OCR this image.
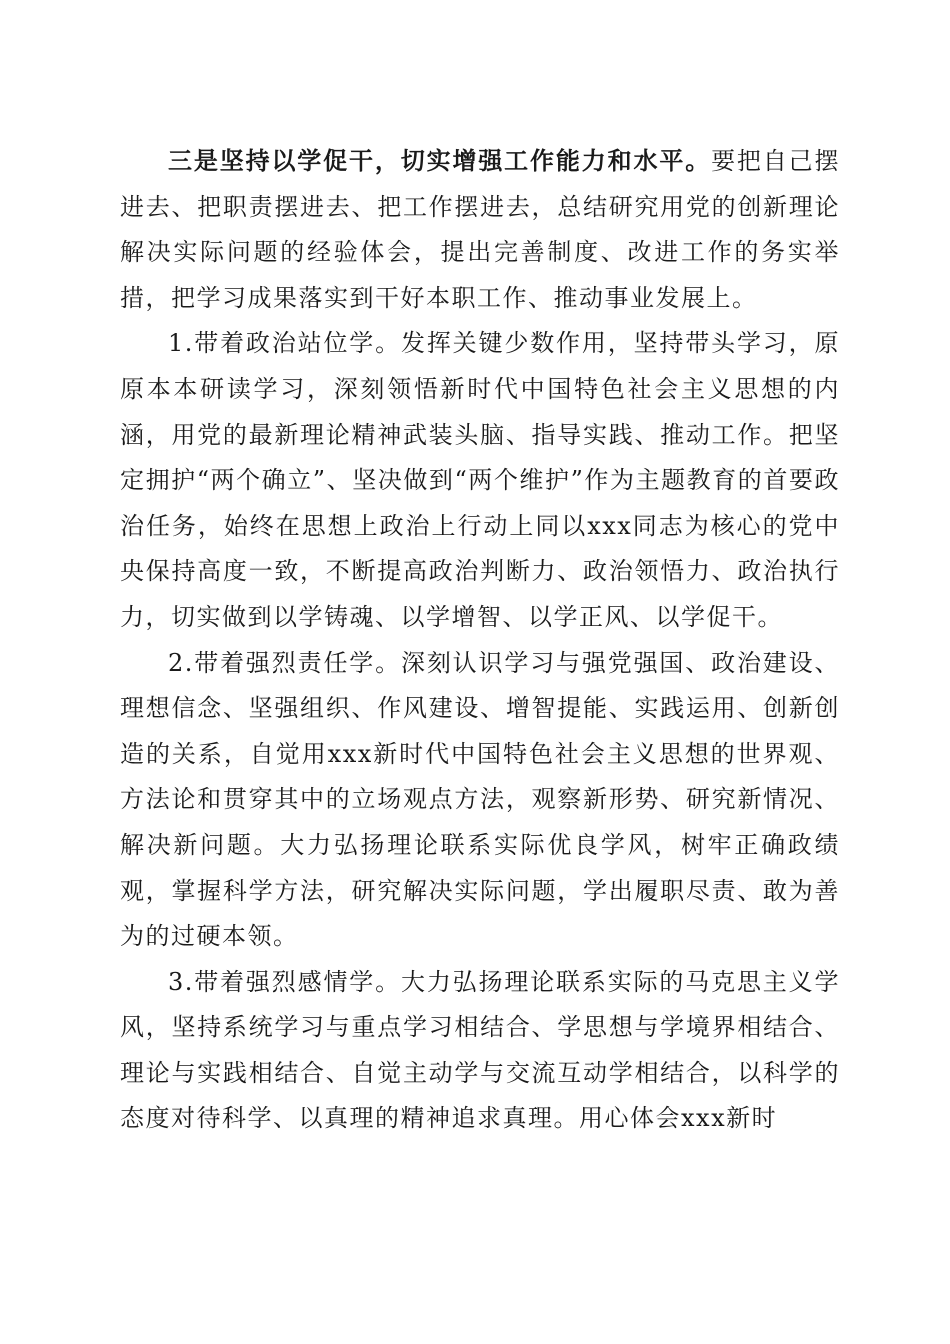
三是坚持以学促干，切实增强工作能力和水平。要把自己摆进去、把职责摆进去、把工作摆进去，总结研究用党的创新理论解决实际问题的经验体会，提出完善制度、改进工作的务实举措，把学习成果落实到干好本职工作、推动事业发展上。

1.带着政治站位学。发挥关键少数作用，坚持带头学习，原原本本研读学习，深刻领悟新时代中国特色社会主义思想的内涵，用党的最新理论精神武装头脑、指导实践、推动工作。把坚定拥护“两个确立”、坚决做到“两个维护”作为主题教育的首要政治任务，始终在思想上政治上行动上同以xxx同志为核心的党中央保持高度一致，不断提高政治判断力、政治领悟力、政治执行力，切实做到以学铸魂、以学增智、以学正风、以学促干。

2.带着强烈责任学。深刻认识学习与强党强国、政治建设、理想信念、坚强组织、作风建设、增智提能、实践运用、创新创造的关系，自觉用xxx新时代中国特色社会主义思想的世界观、方法论和贯穿其中的立场观点方法，观察新形势、研究新情况、解决新问题。大力弘扬理论联系实际优良学风，树牢正确政绩观，掌握科学方法，研究解决实际问题，学出履职尽责、敢为善为的过硬本领。

3.带着强烈感情学。大力弘扬理论联系实际的马克思主义学风，坚持系统学习与重点学习相结合、学思想与学境界相结合、理论与实践相结合、自觉主动学与交流互动学相结合，以科学的态度对待科学、以真理的精神追求真理。用心体会xxx新时
